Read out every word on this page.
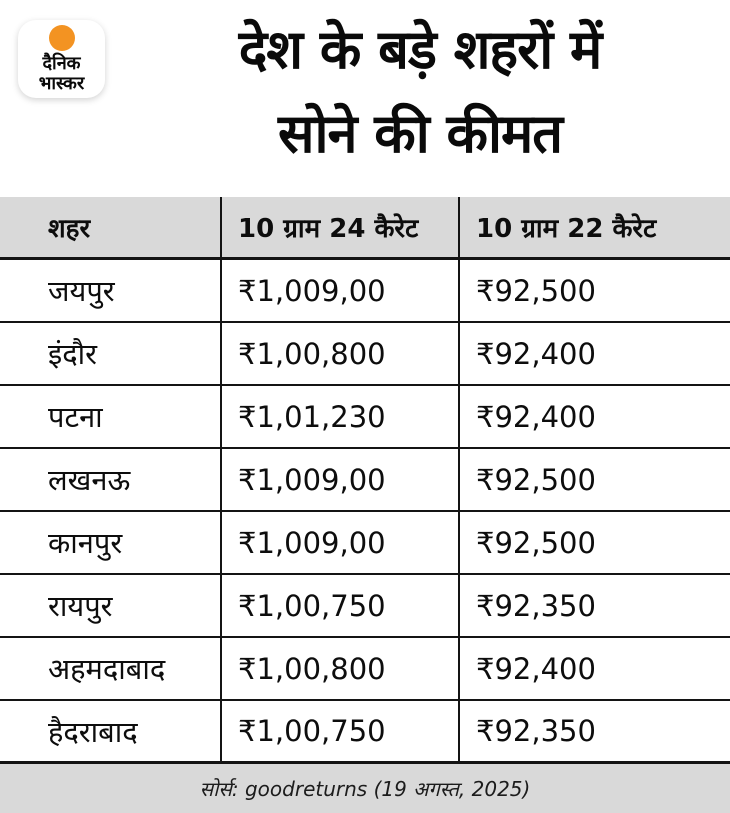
दैनिक
भास्कर
देश के बड़े शहरों में
सोने की कीमत
शहर	10 ग्राम 24 कैरेट	10 ग्राम 22 कैरेट
जयपुर	₹1,009,00	₹92,500
इंदौर	₹1,00,800	₹92,400
पटना	₹1,01,230	₹92,400
लखनऊ	₹1,009,00	₹92,500
कानपुर	₹1,009,00	₹92,500
रायपुर	₹1,00,750	₹92,350
अहमदाबाद	₹1,00,800	₹92,400
हैदराबाद	₹1,00,750	₹92,350
सोर्स: goodreturns (19 अगस्त, 2025)
